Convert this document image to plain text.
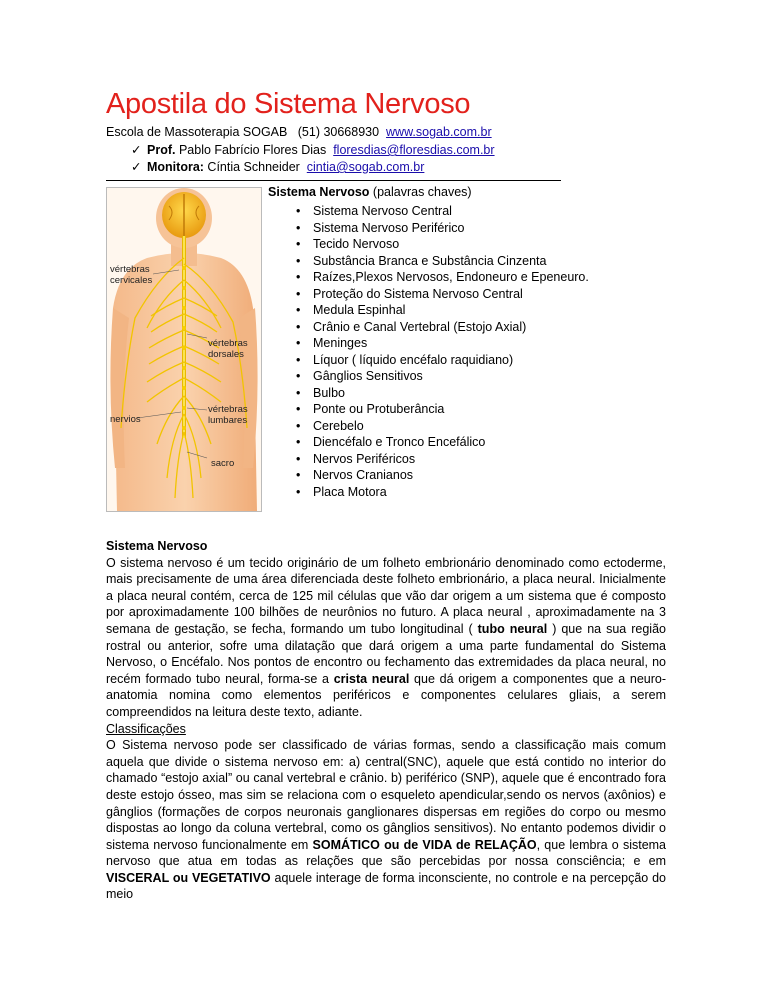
Apostila do Sistema Nervoso
Escola de Massoterapia SOGAB   (51) 30668930  www.sogab.com.br
✓ Prof. Pablo Fabrício Flores Dias  floresdias@floresdias.com.br
✓ Monitora: Cíntia Schneider  cintia@sogab.com.br
vértebras
cervicales
vértebras
dorsales
nervios
vértebras
lumbares
sacro
Sistema Nervoso (palavras chaves)
• Sistema Nervoso Central
• Sistema Nervoso Periférico
• Tecido Nervoso
• Substância Branca e Substância Cinzenta
• Raízes,Plexos Nervosos, Endoneuro e Epeneuro.
• Proteção do Sistema Nervoso Central
• Medula Espinhal
• Crânio e Canal Vertebral (Estojo Axial)
• Meninges
• Líquor ( líquido encéfalo raquidiano)
• Gânglios Sensitivos
• Bulbo
• Ponte ou Protuberância
• Cerebelo
• Diencéfalo e Tronco Encefálico
• Nervos Periféricos
• Nervos Cranianos
• Placa Motora
Sistema Nervoso

O sistema nervoso é um tecido originário de um folheto embrionário denominado como ectoderme, mais precisamente de uma área diferenciada deste folheto embrionário, a placa neural. Inicialmente a placa neural contém, cerca de 125 mil células que vão dar origem a um sistema que é composto por aproximadamente 100 bilhões de neurônios no futuro. A placa neural , aproximadamente na 3 semana de gestação, se fecha, formando um tubo longitudinal ( tubo neural ) que na sua região rostral ou anterior, sofre uma dilatação que dará origem a uma parte fundamental do Sistema Nervoso, o Encéfalo. Nos pontos de encontro ou fechamento das extremidades da placa neural, no recém formado tubo neural, forma-se a crista neural que dá origem a componentes que a neuro-anatomia nomina como elementos periféricos e componentes celulares gliais, a serem compreendidos na leitura deste texto, adiante.

Classificações

O Sistema nervoso pode ser classificado de várias formas, sendo a classificação mais comum aquela que divide o sistema nervoso em: a) central(SNC), aquele que está contido no interior do chamado “estojo axial” ou canal vertebral e crânio. b) periférico (SNP), aquele que é encontrado fora deste estojo ósseo, mas sim se relaciona com o esqueleto apendicular,sendo os nervos (axônios) e gânglios (formações de corpos neuronais ganglionares dispersas em regiões do corpo ou mesmo dispostas ao longo da coluna vertebral, como os gânglios sensitivos). No entanto podemos dividir o sistema nervoso funcionalmente em SOMÁTICO ou de VIDA de RELAÇÃO, que lembra o sistema nervoso que atua em todas as relações que são percebidas por nossa consciência; e em VISCERAL ou VEGETATIVO aquele interage de forma inconsciente, no controle e na percepção do meio
